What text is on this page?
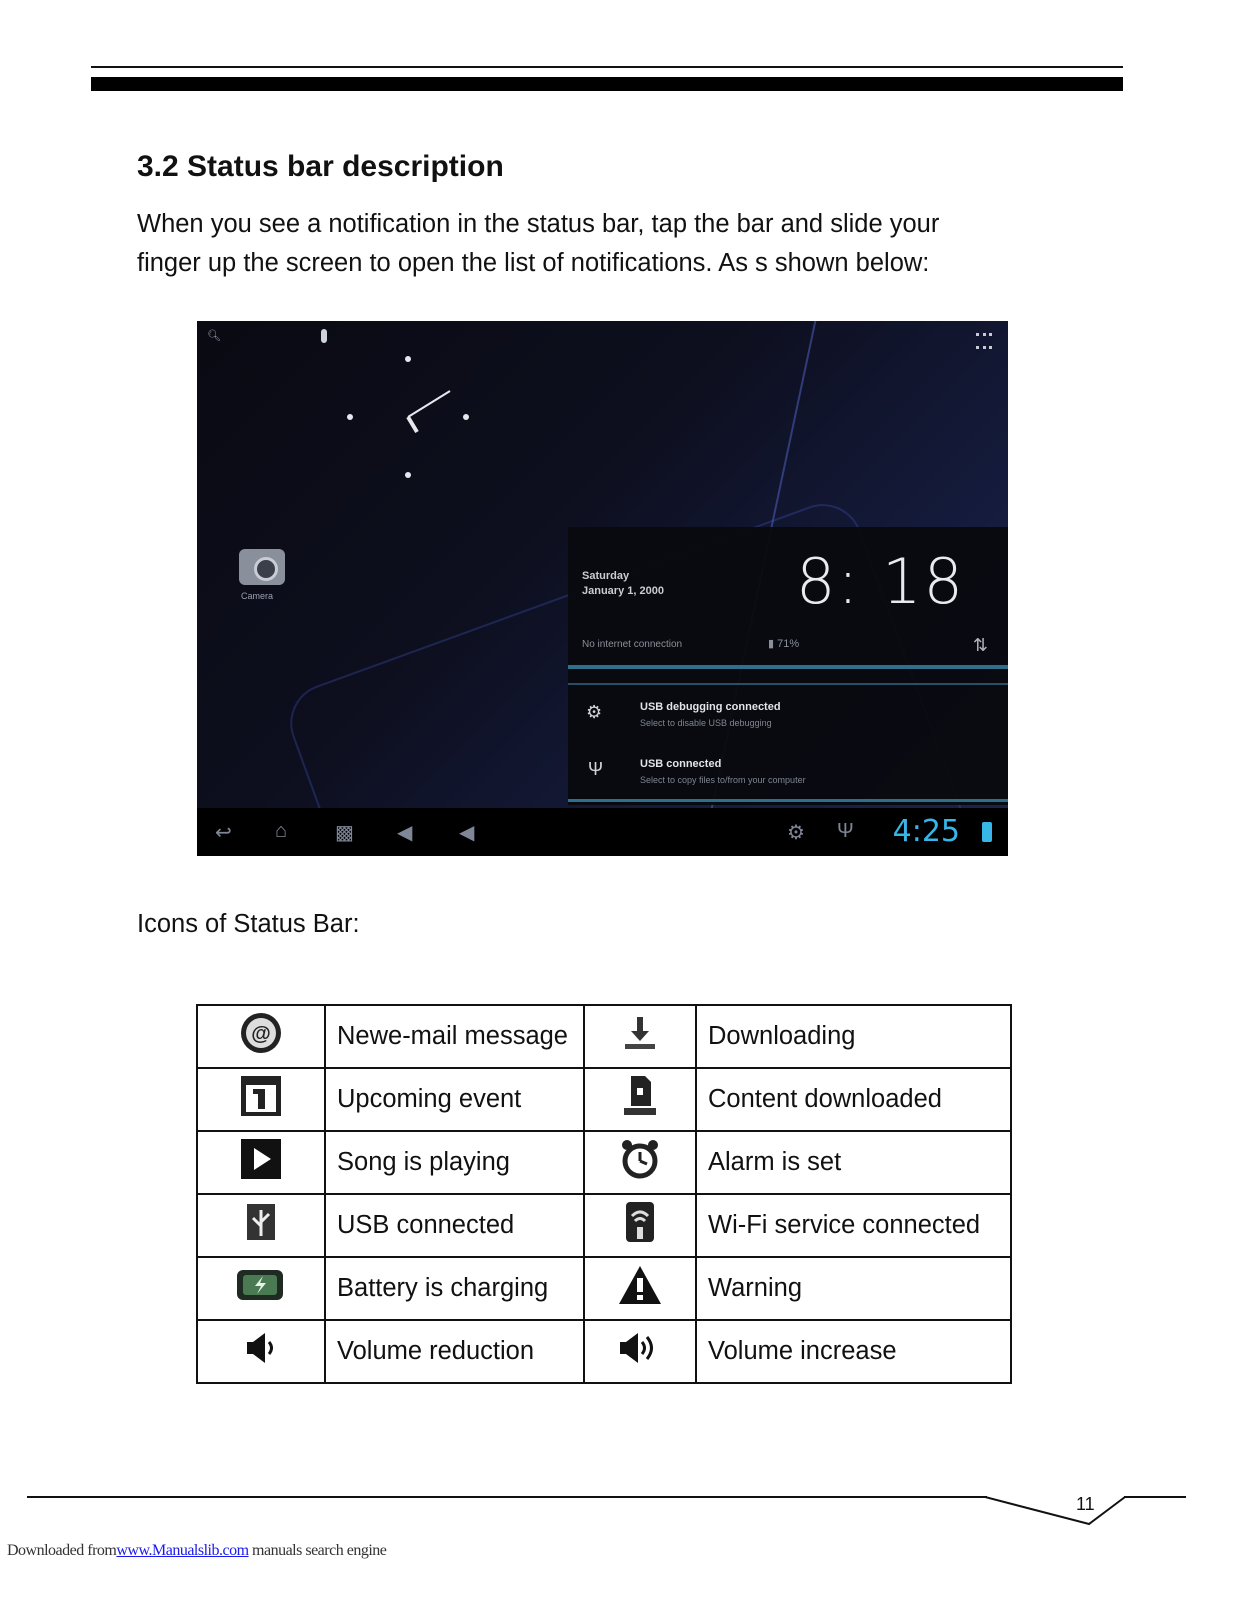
3.2 Status bar description
When you see a notification in the status bar, tap the bar and slide your
finger up the screen to open the list of notifications. As s shown below:
🔍︎
Camera
Saturday
January 1, 2000 8: 18
No internet connection	▮ 71%	⇅
⚙	USB debugging connected
Select to disable USB debugging
Ψ	USB connected
Select to copy files to/from your computer
↩ ⌂ ▩ ◀ ◀︎	⚙ Ψ 4:25
Icons of Status Bar:
@	Newe-mail message		Downloading
	Upcoming event		Content downloaded
	Song is playing		Alarm is set
	USB connected		Wi-Fi service connected
	Battery is charging		Warning
	Volume reduction		Volume increase
11
Downloaded fromwww.Manualslib.com manuals search engine
